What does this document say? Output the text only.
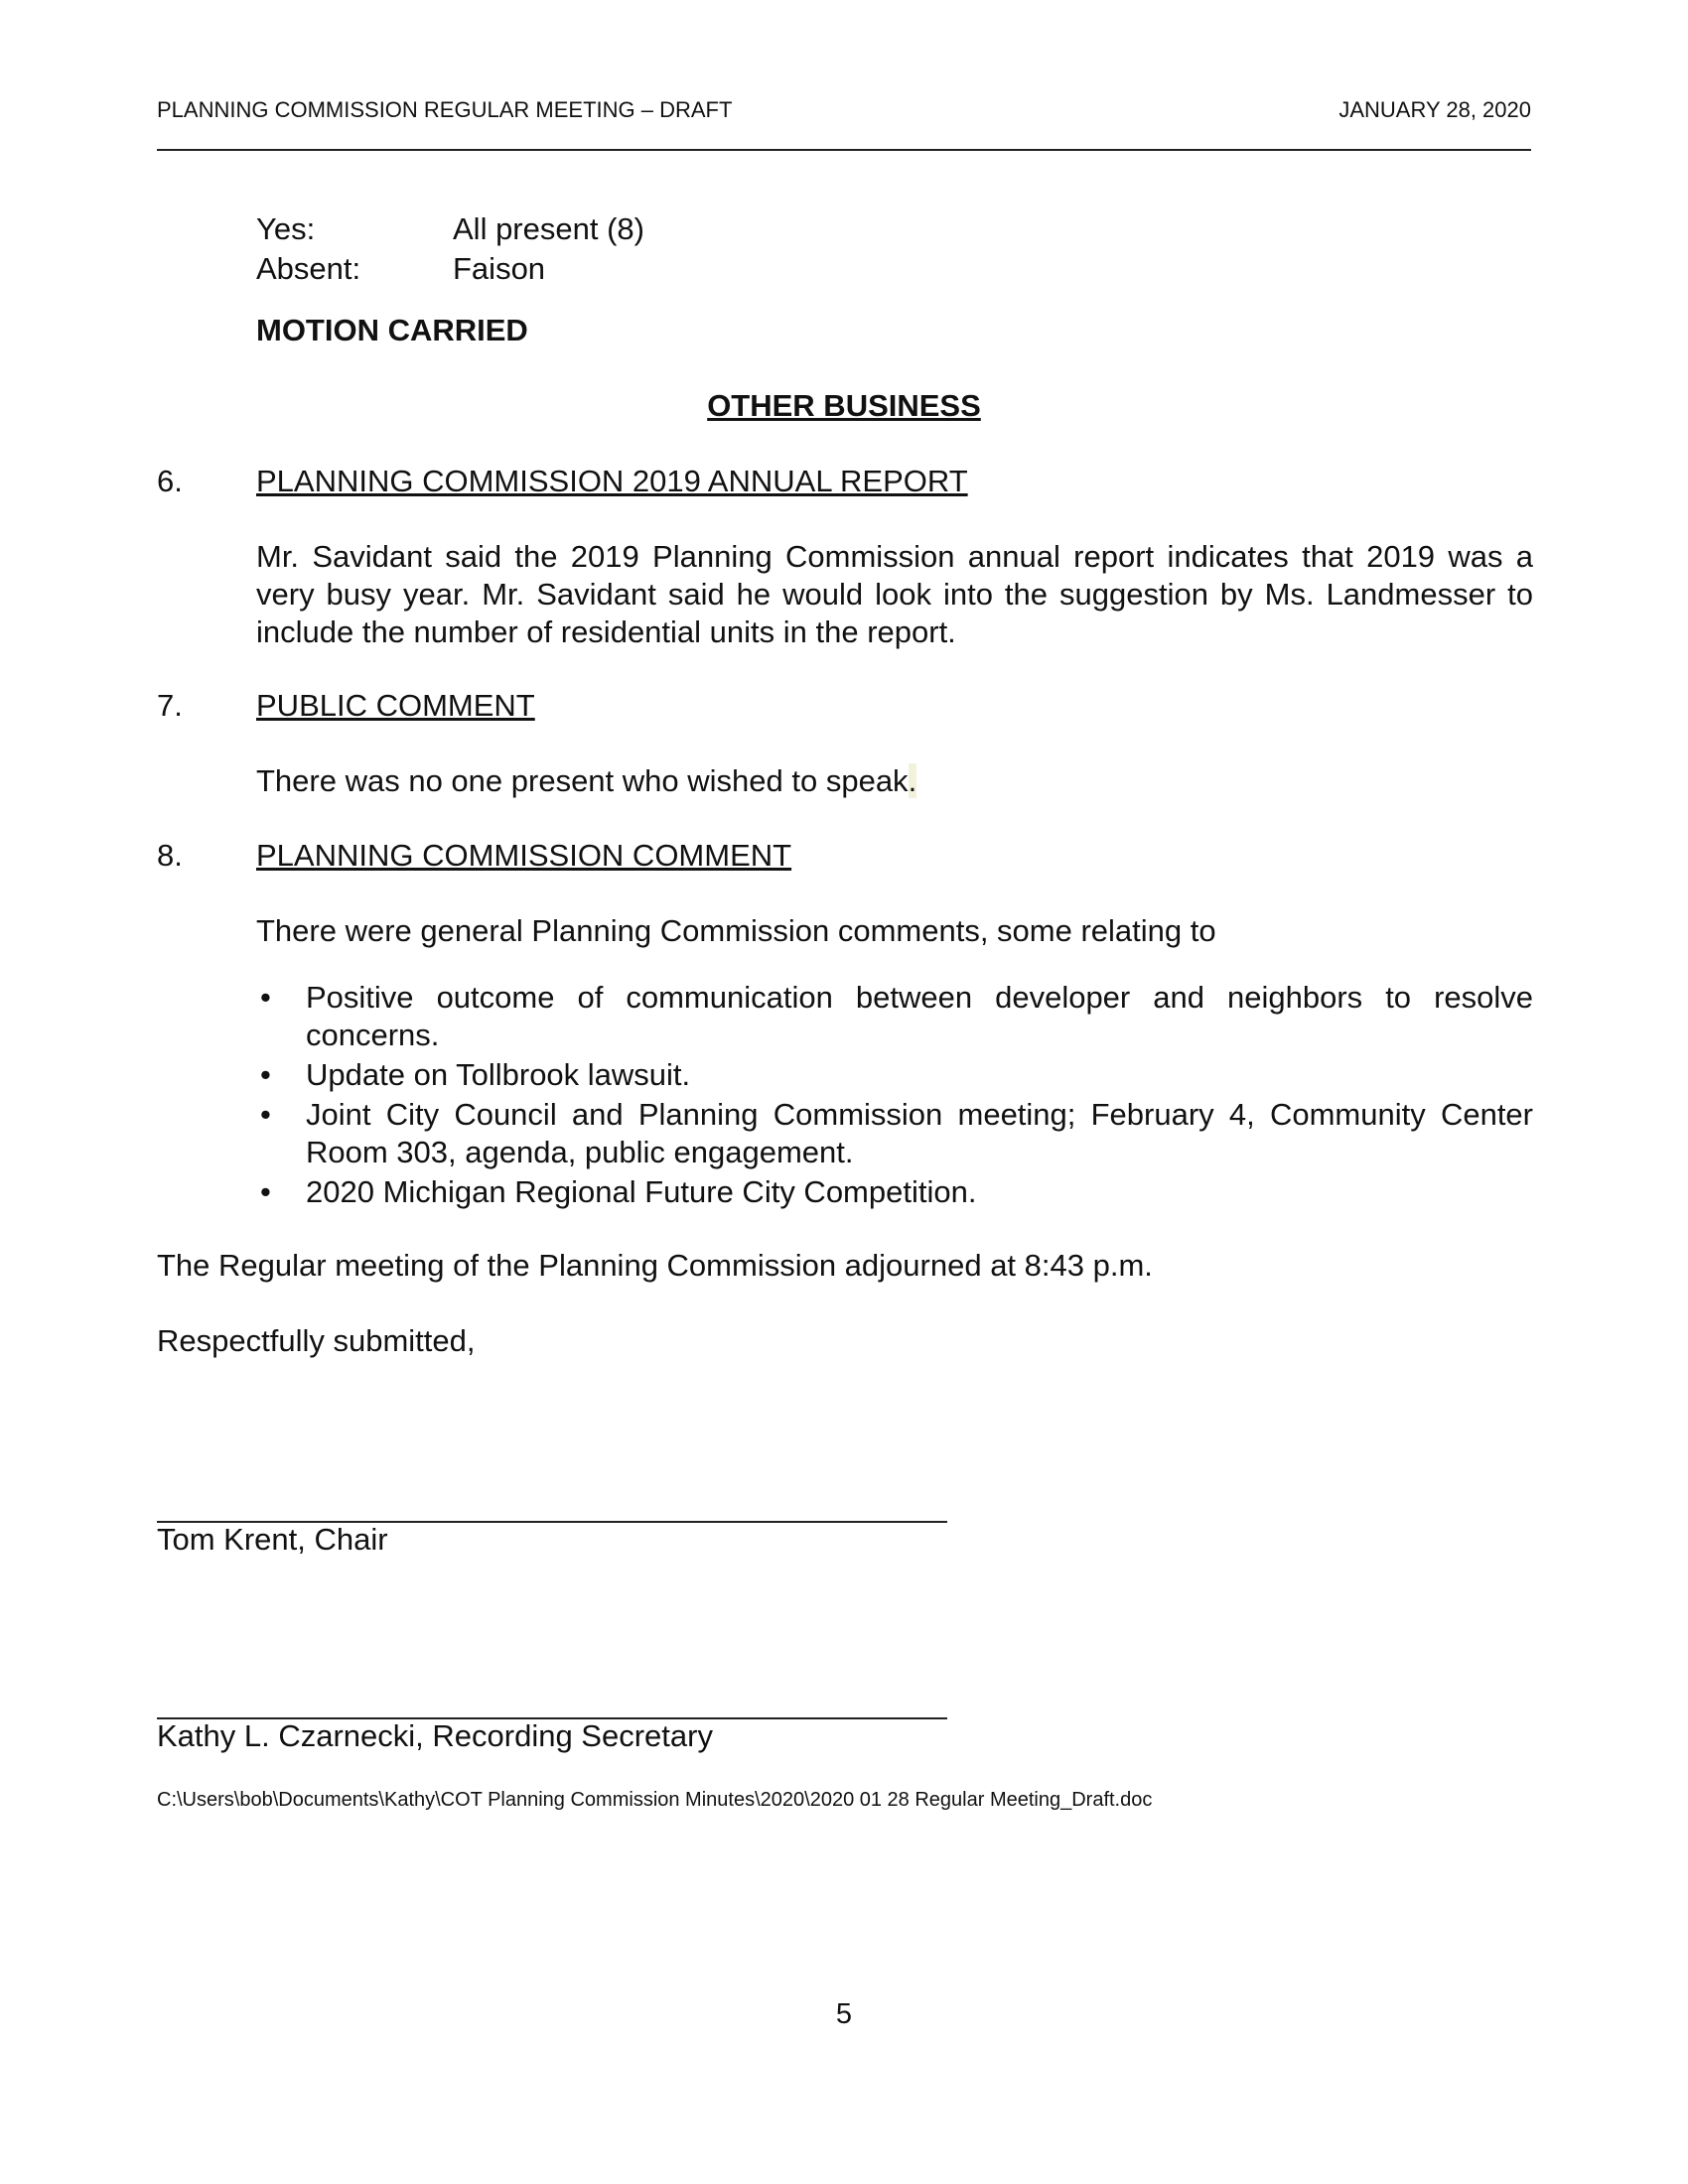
PLANNING COMMISSION REGULAR MEETING – DRAFT	JANUARY 28, 2020
Yes:	All present (8)
Absent:	Faison
MOTION CARRIED
OTHER BUSINESS
6. PLANNING COMMISSION 2019 ANNUAL REPORT
Mr. Savidant said the 2019 Planning Commission annual report indicates that 2019 was a very busy year. Mr. Savidant said he would look into the suggestion by Ms. Landmesser to include the number of residential units in the report.
7. PUBLIC COMMENT
There was no one present who wished to speak.
8. PLANNING COMMISSION COMMENT
There were general Planning Commission comments, some relating to
• Positive outcome of communication between developer and neighbors to resolve concerns.
• Update on Tollbrook lawsuit.
• Joint City Council and Planning Commission meeting; February 4, Community Center Room 303, agenda, public engagement.
• 2020 Michigan Regional Future City Competition.
The Regular meeting of the Planning Commission adjourned at 8:43 p.m.
Respectfully submitted,
Tom Krent, Chair
Kathy L. Czarnecki, Recording Secretary
C:\Users\bob\Documents\Kathy\COT Planning Commission Minutes\2020\2020 01 28 Regular Meeting_Draft.doc
5
